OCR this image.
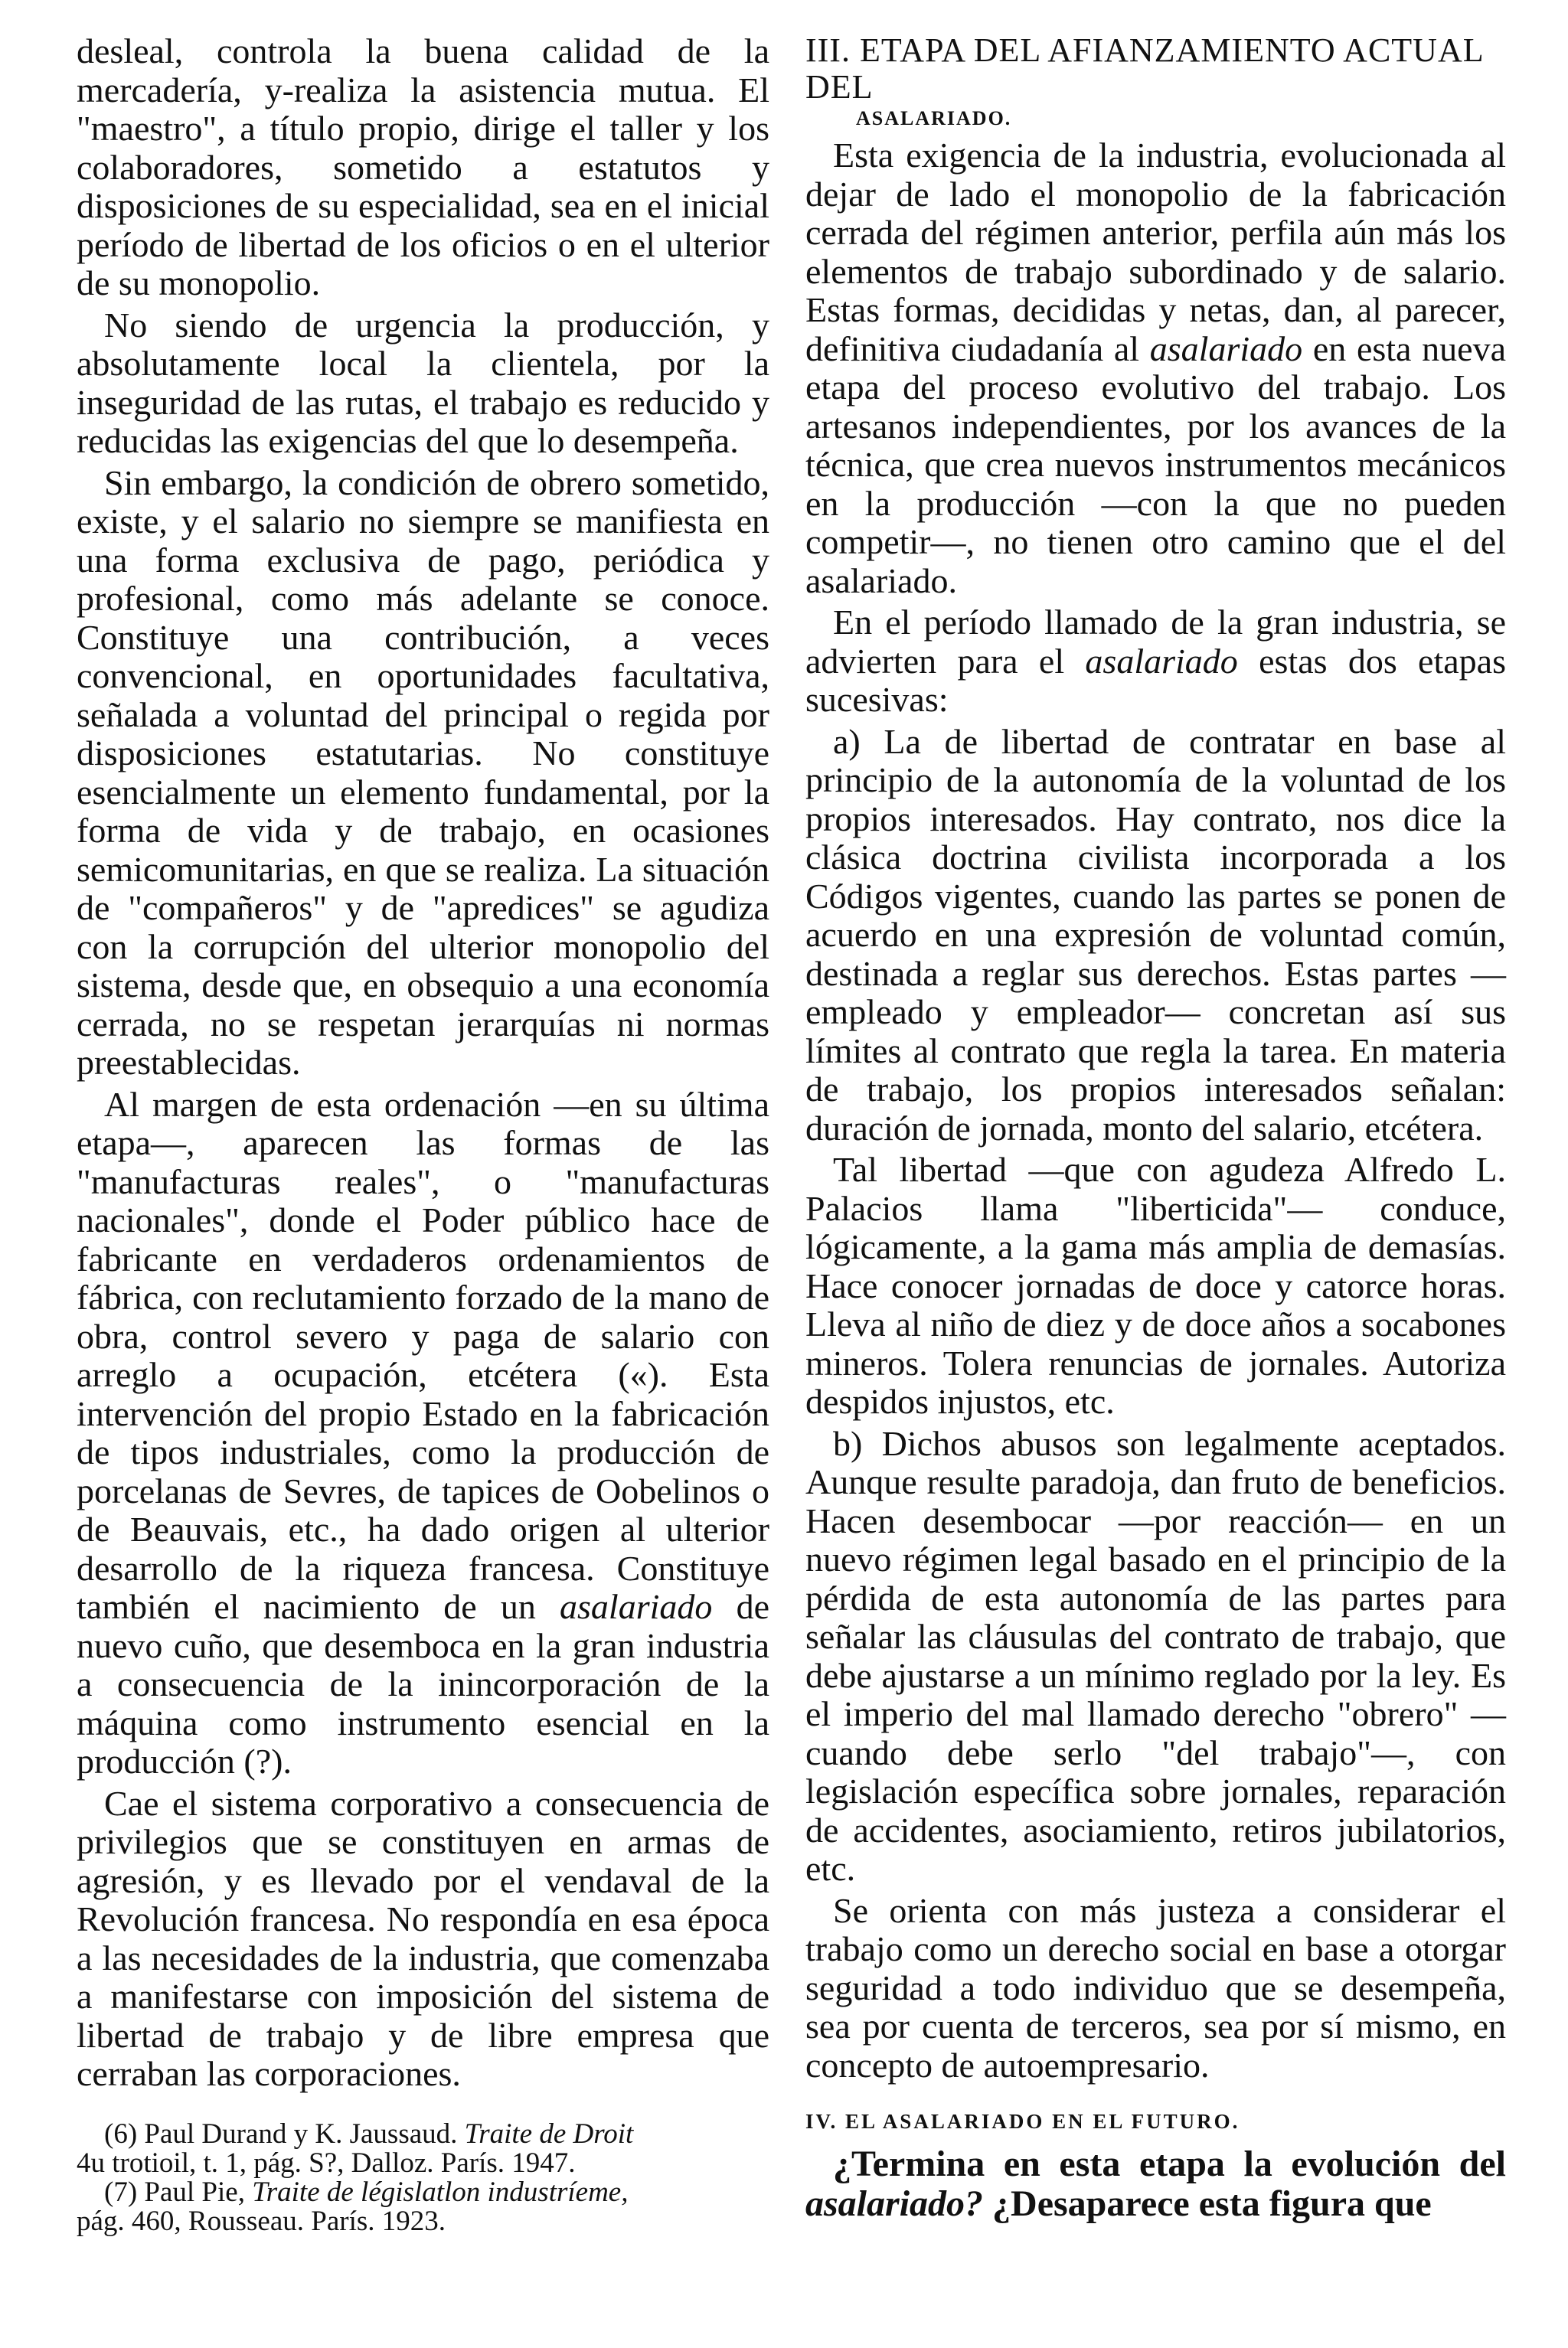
desleal, controla la buena calidad de la mercadería, y-realiza la asistencia mutua. El "maestro", a título propio, dirige el taller y los colaboradores, sometido a estatutos y disposiciones de su especialidad, sea en el inicial período de libertad de los oficios o en el ulterior de su monopolio.

No siendo de urgencia la producción, y absolutamente local la clientela, por la inseguridad de las rutas, el trabajo es reducido y reducidas las exigencias del que lo desempeña.

Sin embargo, la condición de obrero sometido, existe, y el salario no siempre se manifiesta en una forma exclusiva de pago, periódica y profesional, como más adelante se conoce. Constituye una contribución, a veces convencional, en oportunidades facultativa, señalada a voluntad del principal o regida por disposiciones estatutarias. No constituye esencialmente un elemento fundamental, por la forma de vida y de trabajo, en ocasiones semicomunitarias, en que se realiza. La situación de "compañeros" y de "apredices" se agudiza con la corrupción del ulterior monopolio del sistema, desde que, en obsequio a una economía cerrada, no se respetan jerarquías ni normas preestablecidas.

Al margen de esta ordenación —en su última etapa—, aparecen las formas de las "manufacturas reales", o "manufacturas nacionales", donde el Poder público hace de fabricante en verdaderos ordenamientos de fábrica, con reclutamiento forzado de la mano de obra, control severo y paga de salario con arreglo a ocupación, etcétera («). Esta intervención del propio Estado en la fabricación de tipos industriales, como la producción de porcelanas de Sevres, de tapices de Oobelinos o de Beauvais, etc., ha dado origen al ulterior desarrollo de la riqueza francesa. Constituye también el nacimiento de un asalariado de nuevo cuño, que desemboca en la gran industria a consecuencia de la inincorporación de la máquina como instrumento esencial en la producción (?).

Cae el sistema corporativo a consecuencia de privilegios que se constituyen en armas de agresión, y es llevado por el vendaval de la Revolución francesa. No respondía en esa época a las necesidades de la industria, que comenzaba a manifestarse con imposición del sistema de libertad de trabajo y de libre empresa que cerraban las corporaciones.

(6) Paul Durand y K. Jaussaud. Traite de Droit

4u trotioil, t. 1, pág. S?, Dalloz. París. 1947.

(7) Paul Pie, Traite de législatlon industríeme,

pág. 460, Rousseau. París. 1923.

III. ETAPA DEL AFIANZAMIENTO ACTUAL DEL
ASALARIADO.

Esta exigencia de la industria, evolucionada al dejar de lado el monopolio de la fabricación cerrada del régimen anterior, perfila aún más los elementos de trabajo subordinado y de salario. Estas formas, decididas y netas, dan, al parecer, definitiva ciudadanía al asalariado en esta nueva etapa del proceso evolutivo del trabajo. Los artesanos independientes, por los avances de la técnica, que crea nuevos instrumentos mecánicos en la producción —con la que no pueden competir—, no tienen otro camino que el del asalariado.

En el período llamado de la gran industria, se advierten para el asalariado estas dos etapas sucesivas:

a) La de libertad de contratar en base al principio de la autonomía de la voluntad de los propios interesados. Hay contrato, nos dice la clásica doctrina civilista incorporada a los Códigos vigentes, cuando las partes se ponen de acuerdo en una expresión de voluntad común, destinada a reglar sus derechos. Estas partes —empleado y empleador— concretan así sus límites al contrato que regla la tarea. En materia de trabajo, los propios interesados señalan: duración de jornada, monto del salario, etcétera.

Tal libertad —que con agudeza Alfredo L. Palacios llama "liberticida"— conduce, lógicamente, a la gama más amplia de demasías. Hace conocer jornadas de doce y catorce horas. Lleva al niño de diez y de doce años a socabones mineros. Tolera renuncias de jornales. Autoriza despidos injustos, etc.

b) Dichos abusos son legalmente aceptados. Aunque resulte paradoja, dan fruto de beneficios. Hacen desembocar —por reacción— en un nuevo régimen legal basado en el principio de la pérdida de esta autonomía de las partes para señalar las cláusulas del contrato de trabajo, que debe ajustarse a un mínimo reglado por la ley. Es el imperio del mal llamado derecho "obrero" —cuando debe serlo "del trabajo"—, con legislación específica sobre jornales, reparación de accidentes, asociamiento, retiros jubilatorios, etc.

Se orienta con más justeza a considerar el trabajo como un derecho social en base a otorgar seguridad a todo individuo que se desempeña, sea por cuenta de terceros, sea por sí mismo, en concepto de autoempresario.

IV. EL ASALARIADO EN EL FUTURO.

¿Termina en esta etapa la evolución del asalariado? ¿Desaparece esta figura que
